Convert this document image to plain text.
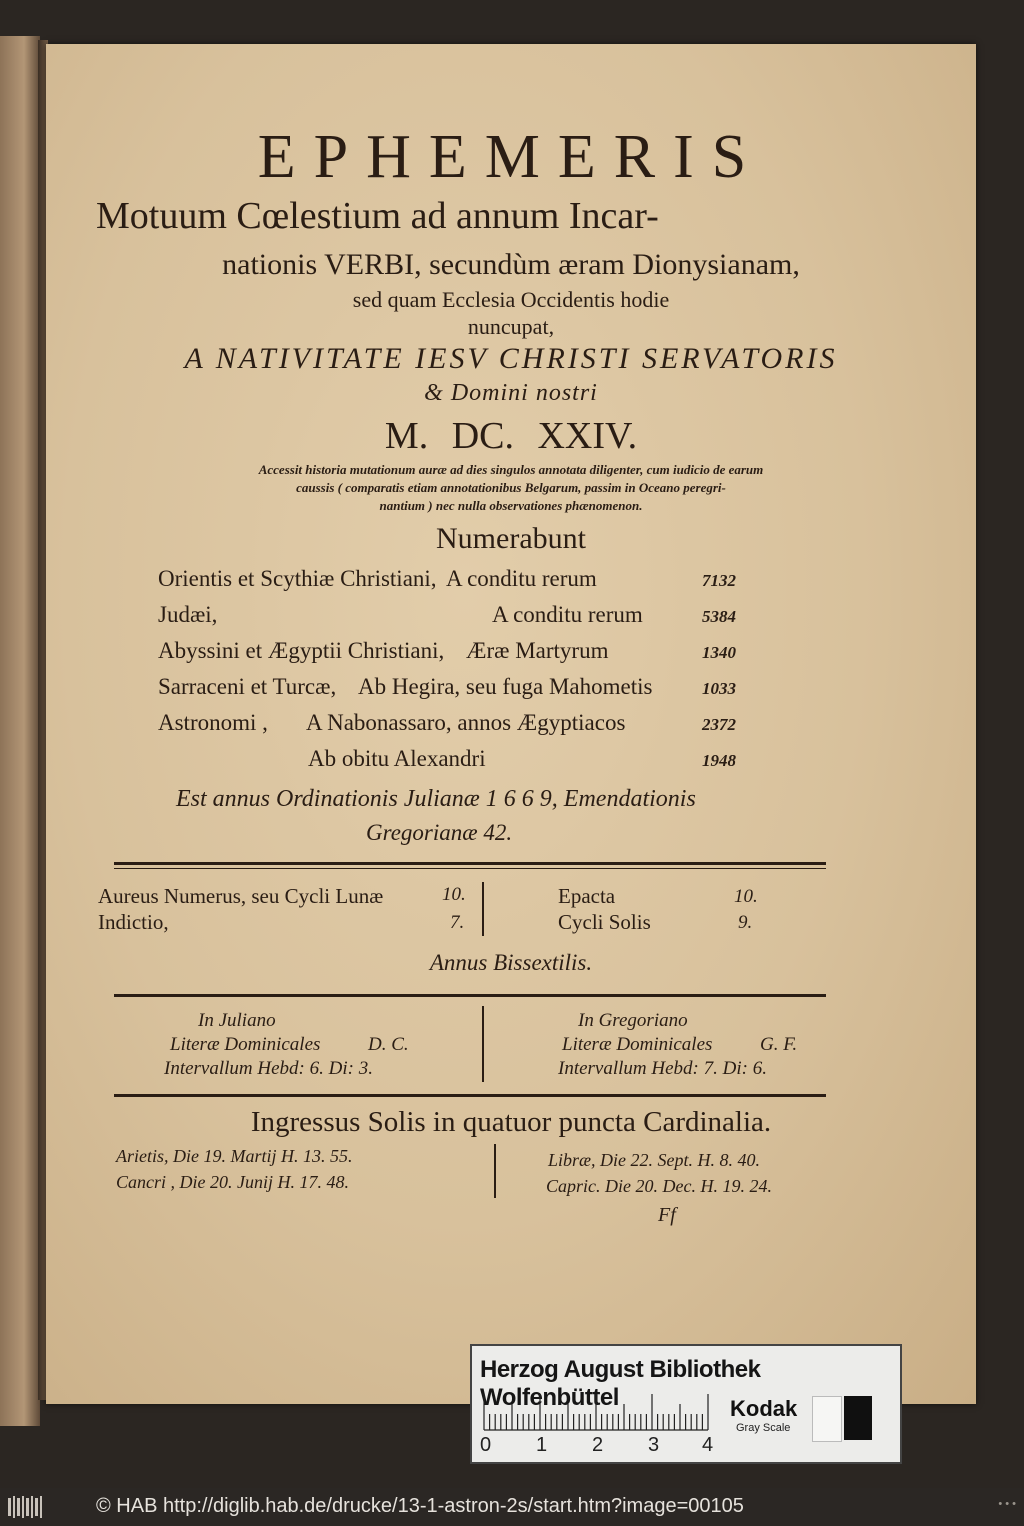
EPHEMERIS
Motuum Cœlestium ad annum Incar-
nationis VERBI, secundùm æram Dionysianam,
sed quam Ecclesia Occidentis hodie
nuncupat,
A NATIVITATE IESV CHRISTI SERVATORIS
& Domini nostri
M. DC. XXIV.
Accessit historia mutationum auræ ad dies singulos annotata diligenter, cum iudicio de earum
caussis ( comparatis etiam annotationibus Belgarum, passim in Oceano peregri-
nantium ) nec nulla observationes phænomenon.
Numerabunt
Orientis et Scythiæ Christiani, A conditu rerum	7132
Judæi,	A conditu rerum	5384
Abyssini et Ægyptii Christiani, Æræ Martyrum	1340
Sarraceni et Turcæ, Ab Hegira, seu fuga Mahometis	1033
Astronomi , A Nabonassaro, annos Ægyptiacos	2372
Ab obitu Alexandri	1948
Est annus Ordinationis Julianæ 1 6 6 9, Emendationis
Gregorianæ 42.
Aureus Numerus, seu Cycli Lunæ	10.
Indictio,	7.
Epacta	10.
Cycli Solis	9.
Annus Bissextilis.
In Juliano
Literæ Dominicales	D. C.
Intervallum Hebd: 6. Di: 3.
In Gregoriano
Literæ Dominicales	G. F.
Intervallum Hebd: 7. Di: 6.
Ingressus Solis in quatuor puncta Cardinalia.
Arietis, Die 19. Martij H. 13. 55.
Cancri , Die 20. Junij H. 17. 48.
Libræ, Die 22. Sept. H. 8. 40.
Capric. Die 20. Dec. H. 19. 24.
Ff
Herzog August Bibliothek Wolfenbüttel
0 1 2 3 4
Kodak
Gray Scale
© HAB http://diglib.hab.de/drucke/13-1-astron-2s/start.htm?image=00105	• • •
